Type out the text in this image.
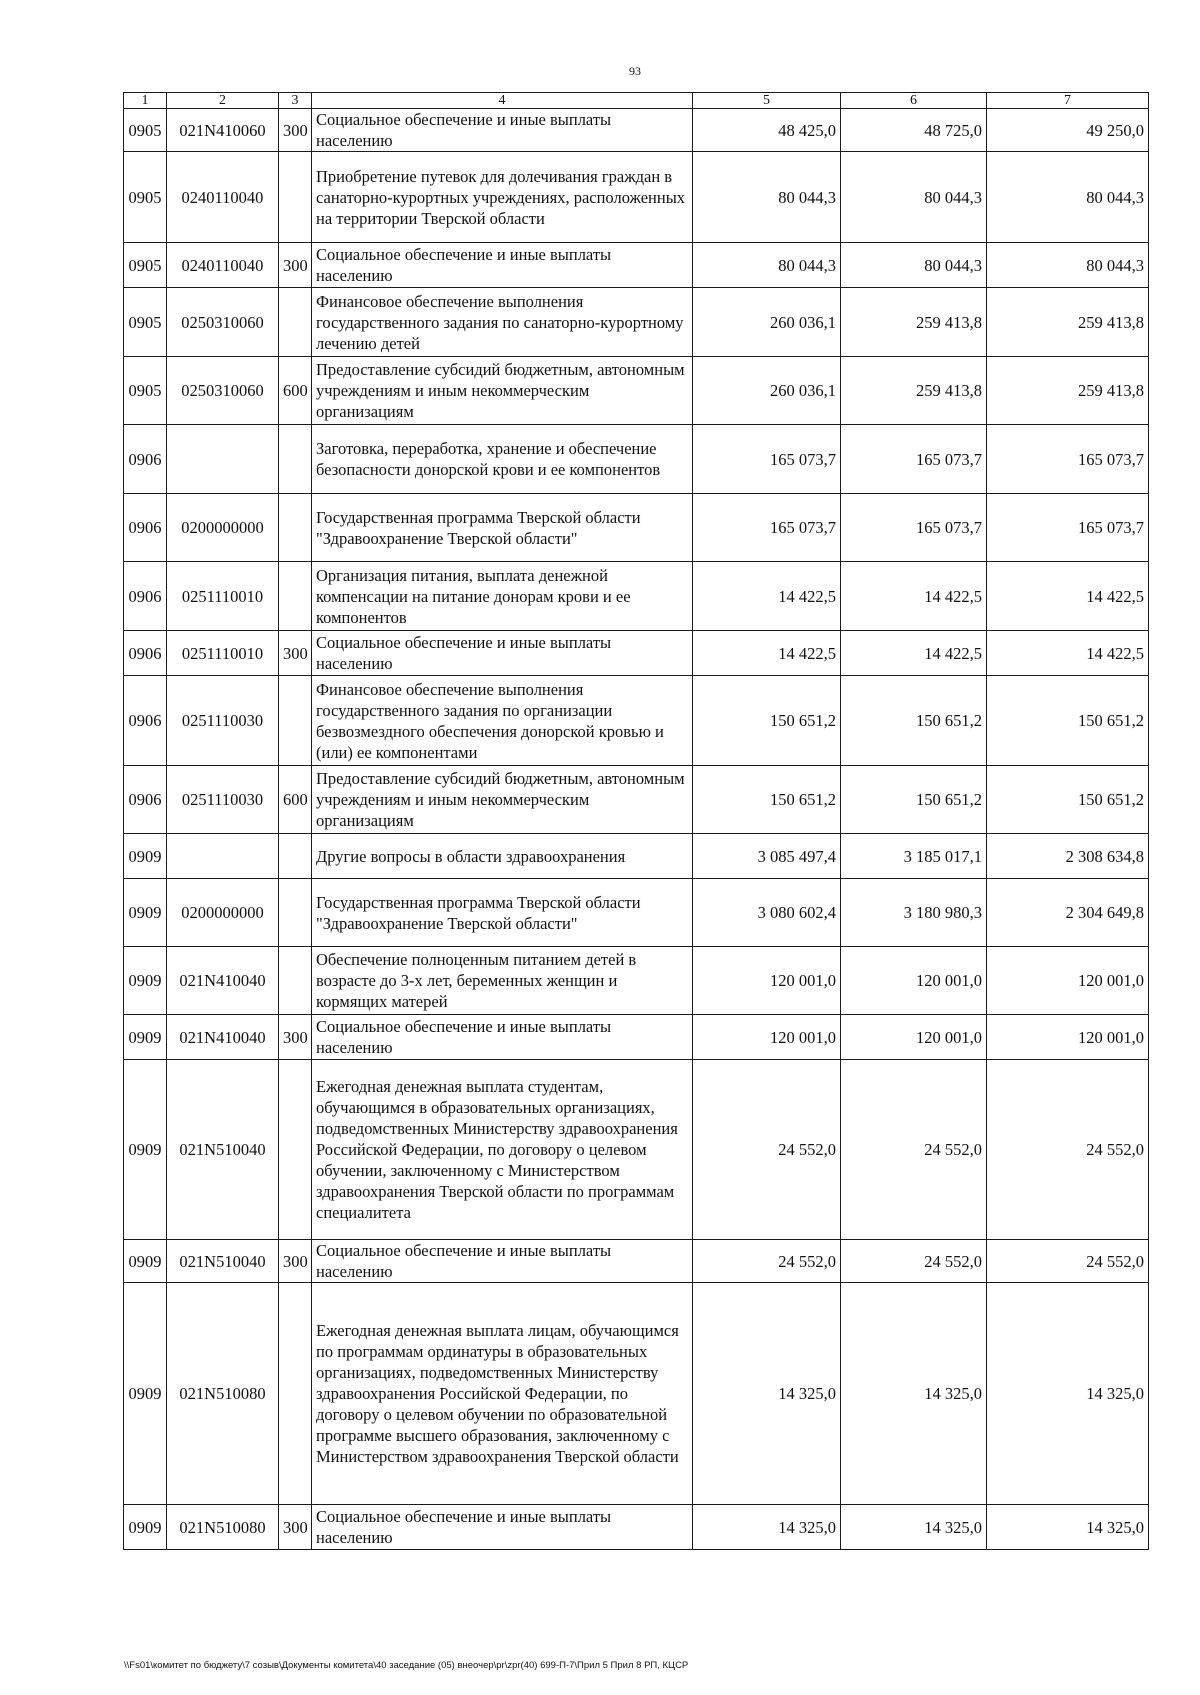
93
1	2	3	4	5	6	7
0905	021N410060	300	Социальное обеспечение и иные выплаты населению	48 425,0	48 725,0	49 250,0
0905	0240110040		Приобретение путевок для долечивания граждан в санаторно-курортных учреждениях, расположенных на территории Тверской области	80 044,3	80 044,3	80 044,3
0905	0240110040	300	Социальное обеспечение и иные выплаты населению	80 044,3	80 044,3	80 044,3
0905	0250310060		Финансовое обеспечение выполнения государственного задания по санаторно-курортному лечению детей	260 036,1	259 413,8	259 413,8
0905	0250310060	600	Предоставление субсидий бюджетным, автономным учреждениям и иным некоммерческим организациям	260 036,1	259 413,8	259 413,8
0906			Заготовка, переработка, хранение и обеспечение безопасности донорской крови и ее компонентов	165 073,7	165 073,7	165 073,7
0906	0200000000		Государственная программа Тверской области "Здравоохранение Тверской области"	165 073,7	165 073,7	165 073,7
0906	0251110010		Организация питания, выплата денежной компенсации на питание донорам крови и ее компонентов	14 422,5	14 422,5	14 422,5
0906	0251110010	300	Социальное обеспечение и иные выплаты населению	14 422,5	14 422,5	14 422,5
0906	0251110030		Финансовое обеспечение выполнения государственного задания по организации безвозмездного обеспечения донорской кровью и (или) ее компонентами	150 651,2	150 651,2	150 651,2
0906	0251110030	600	Предоставление субсидий бюджетным, автономным учреждениям и иным некоммерческим организациям	150 651,2	150 651,2	150 651,2
0909			Другие вопросы в области здравоохранения	3 085 497,4	3 185 017,1	2 308 634,8
0909	0200000000		Государственная программа Тверской области "Здравоохранение Тверской области"	3 080 602,4	3 180 980,3	2 304 649,8
0909	021N410040		Обеспечение полноценным питанием детей в возрасте до 3-х лет, беременных женщин и кормящих матерей	120 001,0	120 001,0	120 001,0
0909	021N410040	300	Социальное обеспечение и иные выплаты населению	120 001,0	120 001,0	120 001,0
0909	021N510040		Ежегодная денежная выплата студентам, обучающимся в образовательных организациях, подведомственных Министерству здравоохранения Российской Федерации, по договору о целевом обучении, заключенному с Министерством здравоохранения Тверской области по программам специалитета	24 552,0	24 552,0	24 552,0
0909	021N510040	300	Социальное обеспечение и иные выплаты населению	24 552,0	24 552,0	24 552,0
0909	021N510080		Ежегодная денежная выплата лицам, обучающимся по программам ординатуры в образовательных организациях, подведомственных Министерству здравоохранения Российской Федерации, по договору о целевом обучении по образовательной программе высшего образования, заключенному с Министерством здравоохранения Тверской области	14 325,0	14 325,0	14 325,0
0909	021N510080	300	Социальное обеспечение и иные выплаты населению	14 325,0	14 325,0	14 325,0
\\Fs01\комитет по бюджету\7 созыв\Документы комитета\40 заседание (05) внеочер\pr\zpr(40) 699-П-7\Прил 5 Прил 8 РП, КЦСР
